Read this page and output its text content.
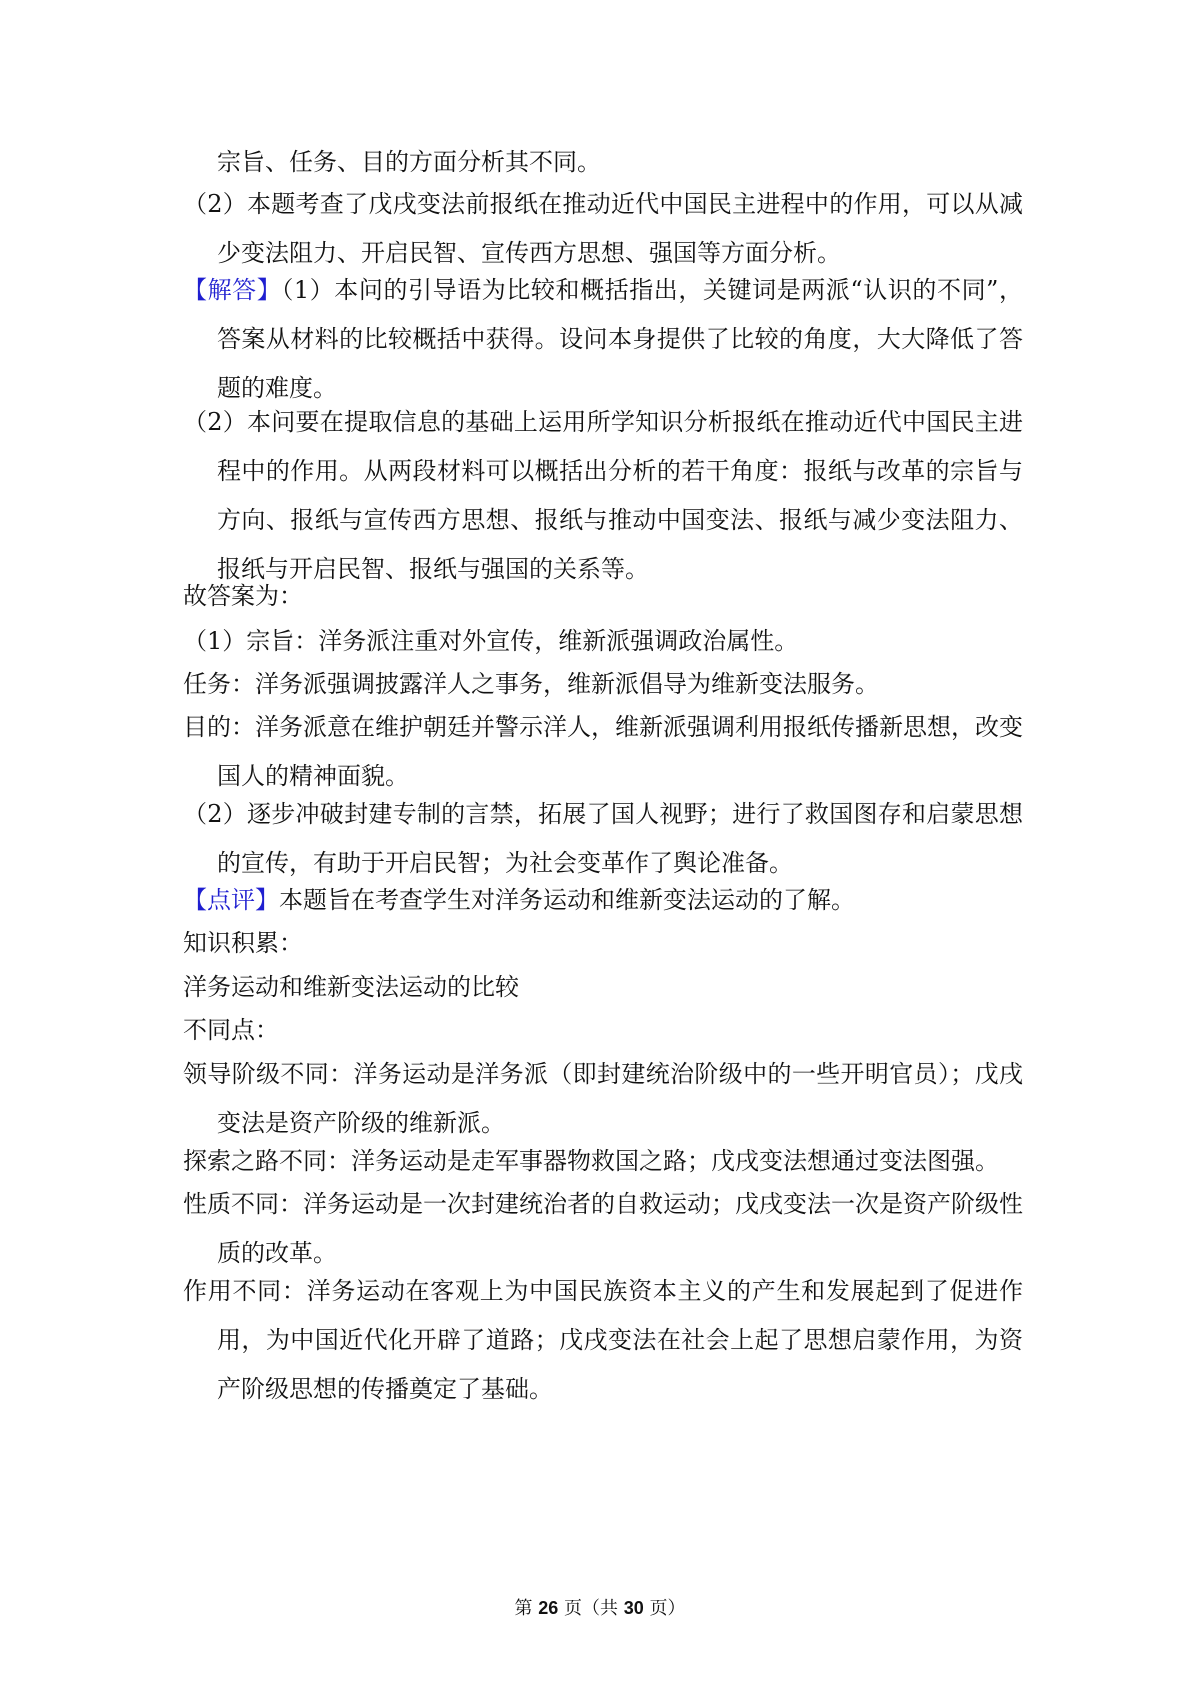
宗旨、任务、目的方面分析其不同。

（2）本题考查了戊戌变法前报纸在推动近代中国民主进程中的作用，可以从减少变法阻力、开启民智、宣传西方思想、强国等方面分析。

【解答】（1）本问的引导语为比较和概括指出，关键词是两派“认识的不同”，答案从材料的比较概括中获得。设问本身提供了比较的角度，大大降低了答题的难度。

（2）本问要在提取信息的基础上运用所学知识分析报纸在推动近代中国民主进程中的作用。从两段材料可以概括出分析的若干角度：报纸与改革的宗旨与方向、报纸与宣传西方思想、报纸与推动中国变法、报纸与减少变法阻力、报纸与开启民智、报纸与强国的关系等。

故答案为：

（1）宗旨：洋务派注重对外宣传，维新派强调政治属性。

任务：洋务派强调披露洋人之事务，维新派倡导为维新变法服务。

目的：洋务派意在维护朝廷并警示洋人，维新派强调利用报纸传播新思想，改变国人的精神面貌。

（2）逐步冲破封建专制的言禁，拓展了国人视野；进行了救国图存和启蒙思想的宣传，有助于开启民智；为社会变革作了舆论准备。

【点评】本题旨在考查学生对洋务运动和维新变法运动的了解。

知识积累：

洋务运动和维新变法运动的比较

不同点：

领导阶级不同：洋务运动是洋务派（即封建统治阶级中的一些开明官员）；戊戌变法是资产阶级的维新派。

探索之路不同：洋务运动是走军事器物救国之路；戊戌变法想通过变法图强。

性质不同：洋务运动是一次封建统治者的自救运动；戊戌变法一次是资产阶级性质的改革。

作用不同：洋务运动在客观上为中国民族资本主义的产生和发展起到了促进作用，为中国近代化开辟了道路；戊戌变法在社会上起了思想启蒙作用，为资产阶级思想的传播奠定了基础。

第 26 页（共 30 页）
